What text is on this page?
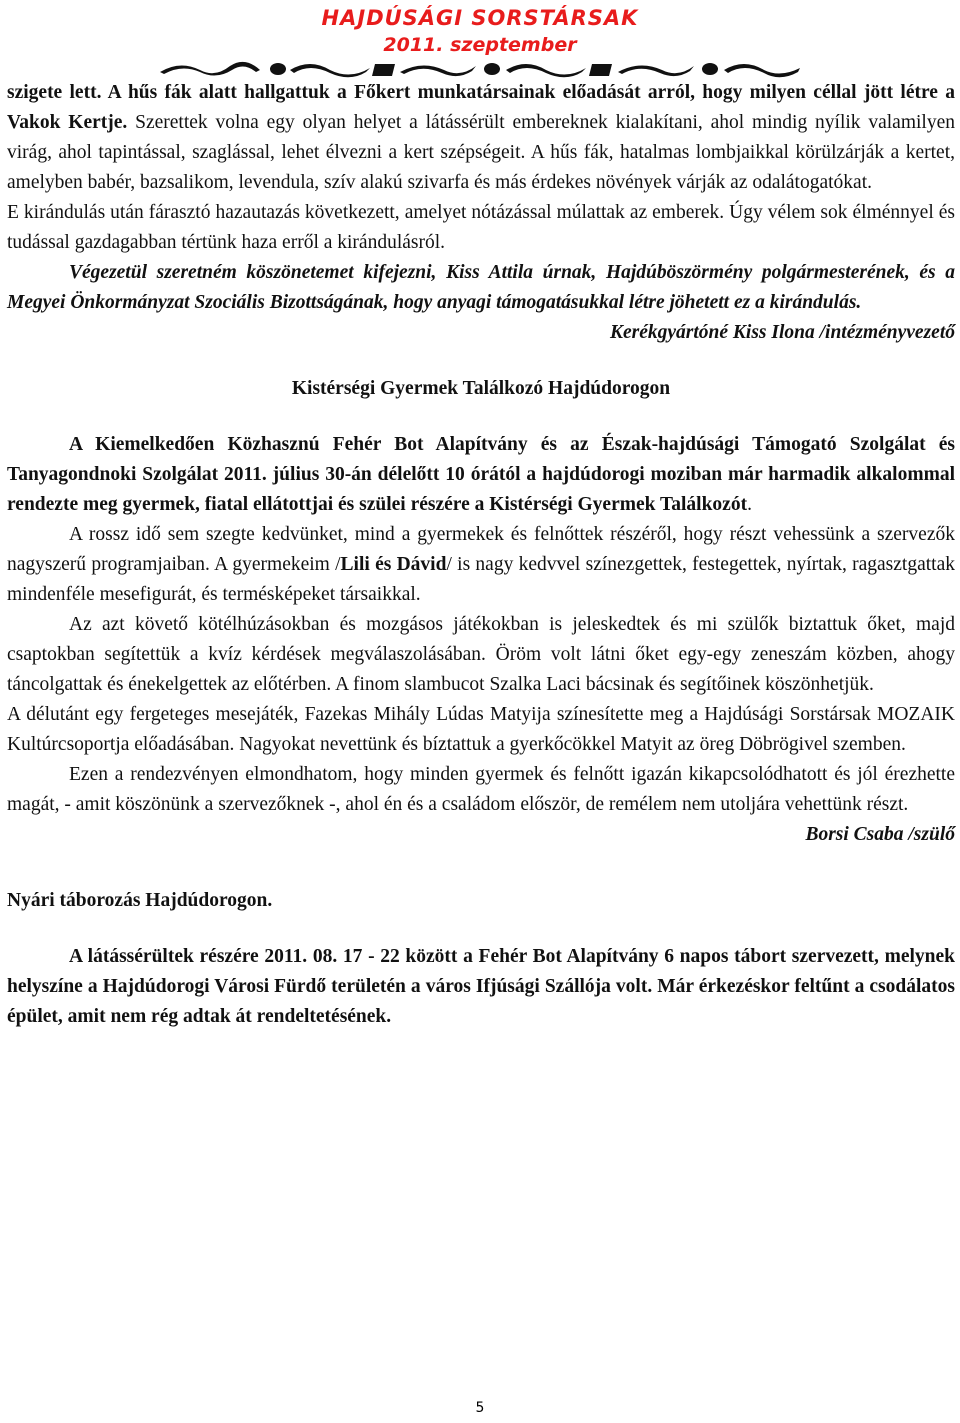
HAJDÚSÁGI SORSTÁRSAK
2011. szeptember

szigete lett. A hűs fák alatt hallgattuk a Főkert munkatársainak előadását arról, hogy milyen céllal jött létre a Vakok Kertje. Szerettek volna egy olyan helyet a látássérült embereknek kialakítani, ahol mindig nyílik valamilyen virág, ahol tapintással, szaglással, lehet élvezni a kert szépségeit. A hűs fák, hatalmas lombjaikkal körülzárják a kertet, amelyben babér, bazsalikom, levendula, szív alakú szivarfa és más érdekes növények várják az odalátogatókat.

E kirándulás után fárasztó hazautazás következett, amelyet nótázással múlattak az emberek. Úgy vélem sok élménnyel és tudással gazdagabban tértünk haza erről a kirándulásról.

Végezetül szeretném köszönetemet kifejezni, Kiss Attila úrnak, Hajdúböszörmény polgármesterének, és a Megyei Önkormányzat Szociális Bizottságának, hogy anyagi támogatásukkal létre jöhetett ez a kirándulás.

Kerékgyártóné Kiss Ilona /intézményvezető

Kistérségi Gyermek Találkozó Hajdúdorogon

A Kiemelkedően Közhasznú Fehér Bot Alapítvány és az Észak-hajdúsági Támogató Szolgálat és Tanyagondnoki Szolgálat 2011. július 30-án délelőtt 10 órától a hajdúdorogi moziban már harmadik alkalommal rendezte meg gyermek, fiatal ellátottjai és szülei részére a Kistérségi Gyermek Találkozót.

A rossz idő sem szegte kedvünket, mind a gyermekek és felnőttek részéről, hogy részt vehessünk a szervezők nagyszerű programjaiban. A gyermekeim /Lili és Dávid/ is nagy kedvvel színezgettek, festegettek, nyírtak, ragasztgattak mindenféle mesefigurát, és termésképeket társaikkal.

Az azt követő kötélhúzásokban és mozgásos játékokban is jeleskedtek és mi szülők biztattuk őket, majd csaptokban segítettük a kvíz kérdések megválaszolásában. Öröm volt látni őket egy-egy zeneszám közben, ahogy táncolgattak és énekelgettek az előtérben. A finom slambucot Szalka Laci bácsinak és segítőinek köszönhetjük.

A délutánt egy fergeteges mesejáték, Fazekas Mihály Lúdas Matyija színesítette meg a Hajdúsági Sorstársak MOZAIK Kultúrcsoportja előadásában. Nagyokat nevettünk és bíztattuk a gyerkőcökkel Matyit az öreg Döbrögivel szemben.

Ezen a rendezvényen elmondhatom, hogy minden gyermek és felnőtt igazán kikapcsolódhatott és jól érezhette magát, - amit köszönünk a szervezőknek -, ahol én és a családom először, de remélem nem utoljára vehettünk részt.

Borsi Csaba /szülő

Nyári táborozás Hajdúdorogon.

A látássérültek részére 2011. 08. 17 - 22 között a Fehér Bot Alapítvány 6 napos tábort szervezett, melynek helyszíne a Hajdúdorogi Városi Fürdő területén a város Ifjúsági Szállója volt. Már érkezéskor feltűnt a csodálatos épület, amit nem rég adtak át rendeltetésének.

5
